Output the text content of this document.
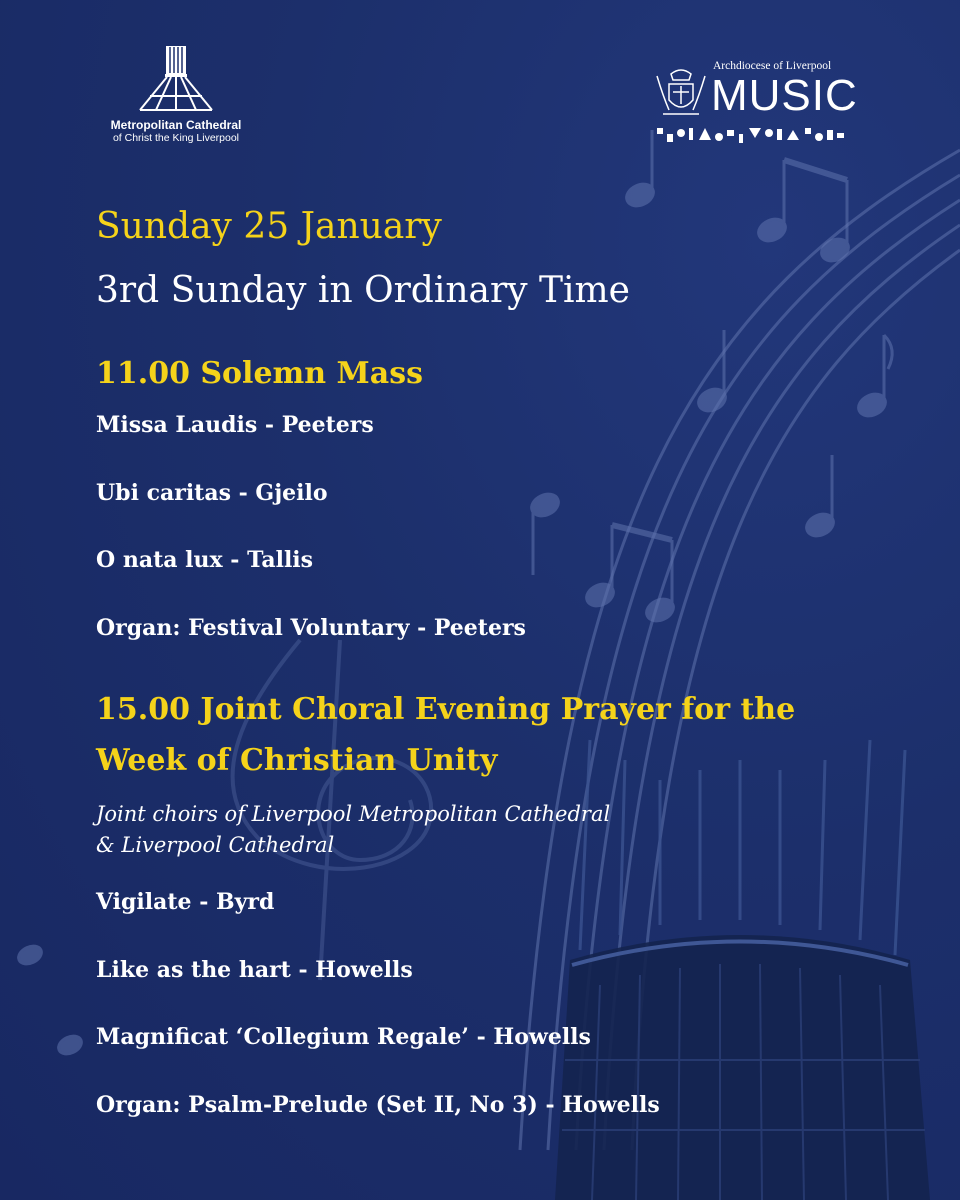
Metropolitan Cathedral
of Christ the King Liverpool
Archdiocese of Liverpool
MUSIC
Sunday 25 January
3rd Sunday in Ordinary Time
11.00 Solemn Mass
Missa Laudis - Peeters
Ubi caritas - Gjeilo
O nata lux - Tallis
Organ: Festival Voluntary - Peeters
15.00 Joint Choral Evening Prayer for the
Week of Christian Unity
Joint choirs of Liverpool Metropolitan Cathedral
& Liverpool Cathedral
Vigilate - Byrd
Like as the hart - Howells
Magnificat ‘Collegium Regale’ - Howells
Organ: Psalm-Prelude (Set II, No 3) - Howells
